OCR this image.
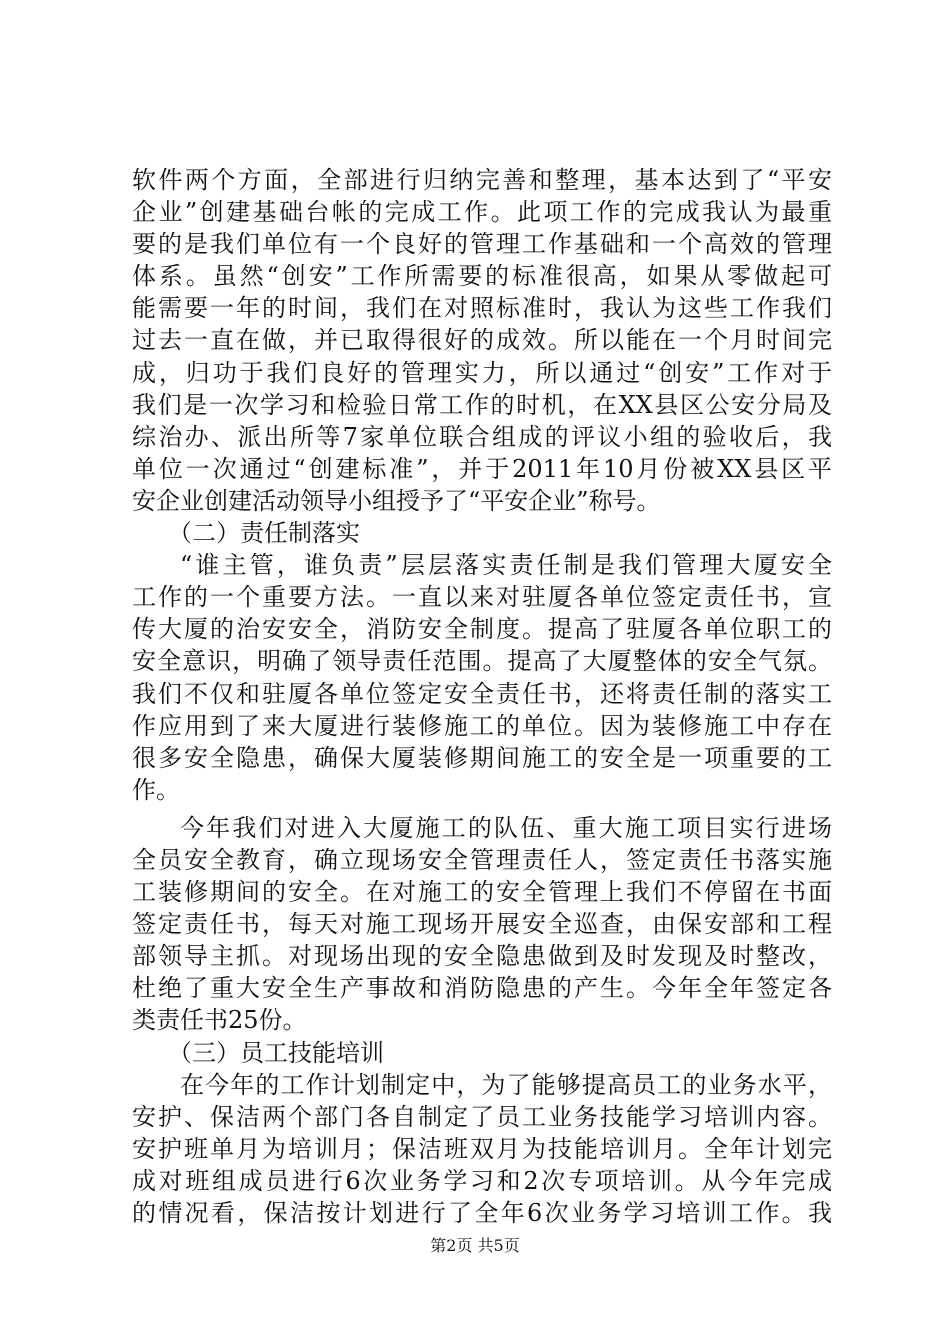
软件两个方面，全部进行归纳完善和整理，基本达到了“平安
企业”创建基础台帐的完成工作。此项工作的完成我认为最重
要的是我们单位有一个良好的管理工作基础和一个高效的管理
体系。虽然“创安”工作所需要的标准很高，如果从零做起可
能需要一年的时间，我们在对照标准时，我认为这些工作我们
过去一直在做，并已取得很好的成效。所以能在一个月时间完
成，归功于我们良好的管理实力，所以通过“创安”工作对于
我们是一次学习和检验日常工作的时机，在XX县区公安分局及
综治办、派出所等7家单位联合组成的评议小组的验收后，我
单位一次通过“创建标准”，并于2011年10月份被XX县区平
安企业创建活动领导小组授予了“平安企业”称号。
（二）责任制落实
“谁主管，谁负责”层层落实责任制是我们管理大厦安全
工作的一个重要方法。一直以来对驻厦各单位签定责任书，宣
传大厦的治安安全，消防安全制度。提高了驻厦各单位职工的
安全意识，明确了领导责任范围。提高了大厦整体的安全气氛。
我们不仅和驻厦各单位签定安全责任书，还将责任制的落实工
作应用到了来大厦进行装修施工的单位。因为装修施工中存在
很多安全隐患，确保大厦装修期间施工的安全是一项重要的工
作。
今年我们对进入大厦施工的队伍、重大施工项目实行进场
全员安全教育，确立现场安全管理责任人，签定责任书落实施
工装修期间的安全。在对施工的安全管理上我们不停留在书面
签定责任书，每天对施工现场开展安全巡查，由保安部和工程
部领导主抓。对现场出现的安全隐患做到及时发现及时整改，
杜绝了重大安全生产事故和消防隐患的产生。今年全年签定各
类责任书25份。
（三）员工技能培训
在今年的工作计划制定中，为了能够提高员工的业务水平，
安护、保洁两个部门各自制定了员工业务技能学习培训内容。
安护班单月为培训月；保洁班双月为技能培训月。全年计划完
成对班组成员进行6次业务学习和2次专项培训。从今年完成
的情况看，保洁按计划进行了全年6次业务学习培训工作。我
第2页 共5页
